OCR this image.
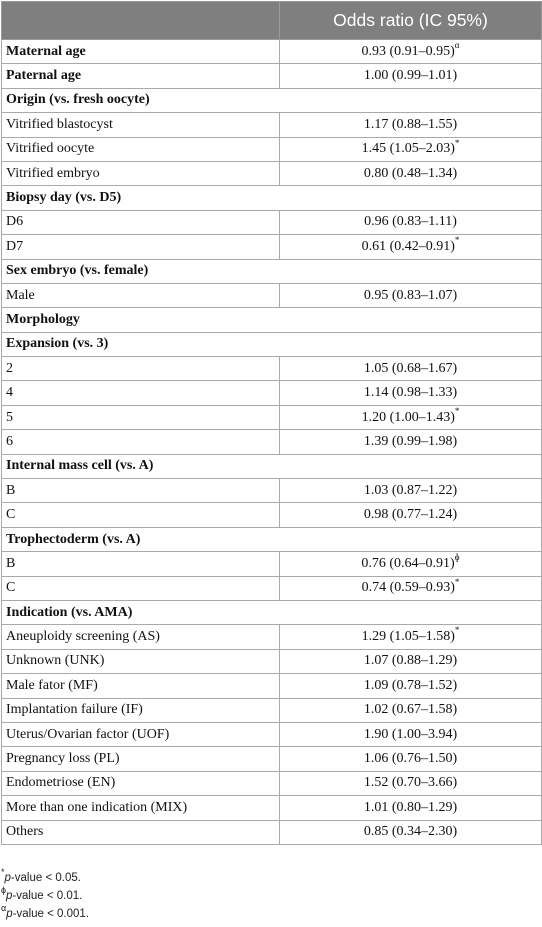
	Odds ratio (IC 95%)
Maternal age	0.93 $(0.91-0.95)^\alpha$
Paternal age	1.00 (0.99–1.01)
Origin (vs. fresh oocyte)	
Vitrified blastocyst	1.17 (0.88–1.55)
Vitrified oocyte	1.45 (1.05–2.03)*
Vitrified embryo	0.80 (0.48–1.34)
Biopsy day (vs. D5)	
D6	0.96 (0.83–1.11)
D7	0.61 (0.42–0.91)*
Sex embryo (vs. female)	
Male	0.95 (0.83–1.07)
Morphology	
Expansion (vs. 3)	
2	1.05 (0.68–1.67)
4	1.14 (0.98–1.33)
5	1.20 (1.00–1.43)*
6	1.39 (0.99–1.98)
Internal mass cell (vs. A)	
B	1.03 (0.87–1.22)
C	0.98 (0.77–1.24)
Trophectoderm (vs. A)	
B	0.76 $(0.64-0.91)^ɸ$
C	0.74 (0.59–0.93)*
Indication (vs. AMA)	
Aneuploidy screening (AS)	1.29 (1.05–1.58)*
Unknown (UNK)	1.07 (0.88–1.29)
Male fator (MF)	1.09 (0.78–1.52)
Implantation failure (IF)	1.02 (0.67–1.58)
Uterus/Ovarian factor (UOF)	1.90 (1.00–3.94)
Pregnancy loss (PL)	1.06 (0.76–1.50)
Endometriose (EN)	1.52 (0.70–3.66)
More than one indication (MIX)	1.01 (0.80–1.29)
Others	0.85 (0.34–2.30)
*p-value < 0.05.
$^ɸ$p-value < 0.01.
$^\alpha$p-value < 0.001.
